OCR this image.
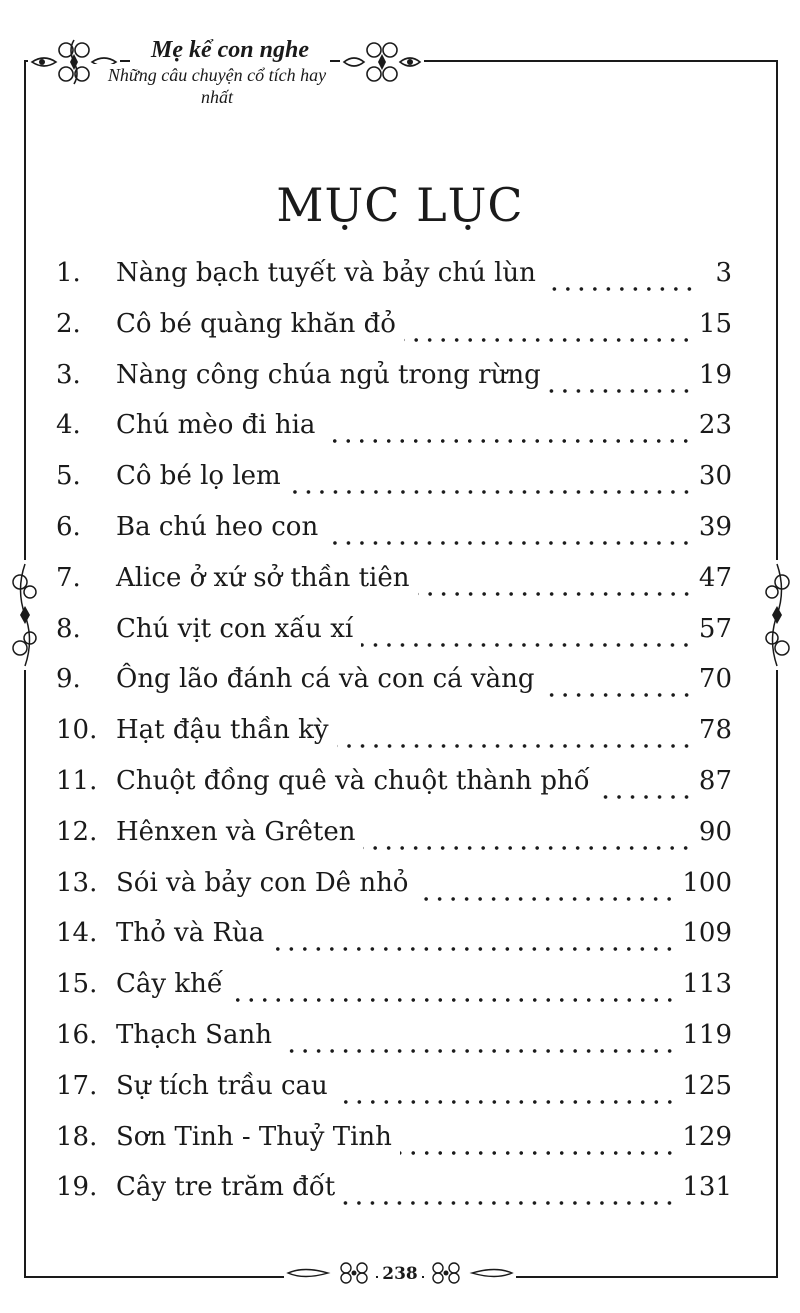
Mẹ kể con nghe
Những câu chuyện cổ tích hay nhất
MỤC LỤC
1.	Nàng bạch tuyết và bảy chú lùn	3
2.	Cô bé quàng khăn đỏ	15
3.	Nàng công chúa ngủ trong rừng	19
4.	Chú mèo đi hia	23
5.	Cô bé lọ lem	30
6.	Ba chú heo con	39
7.	Alice ở xứ sở thần tiên	47
8.	Chú vịt con xấu xí	57
9.	Ông lão đánh cá và con cá vàng	70
10. Hạt đậu thần kỳ	78
11. Chuột đồng quê và chuột thành phố	87
12. Hênxen và Grêten	90
13. Sói và bảy con Dê nhỏ	100
14. Thỏ và Rùa	109
15. Cây khế	113
16. Thạch Sanh	119
17. Sự tích trầu cau	125
18. Sơn Tinh - Thuỷ Tinh	129
19. Cây tre trăm đốt	131
238
